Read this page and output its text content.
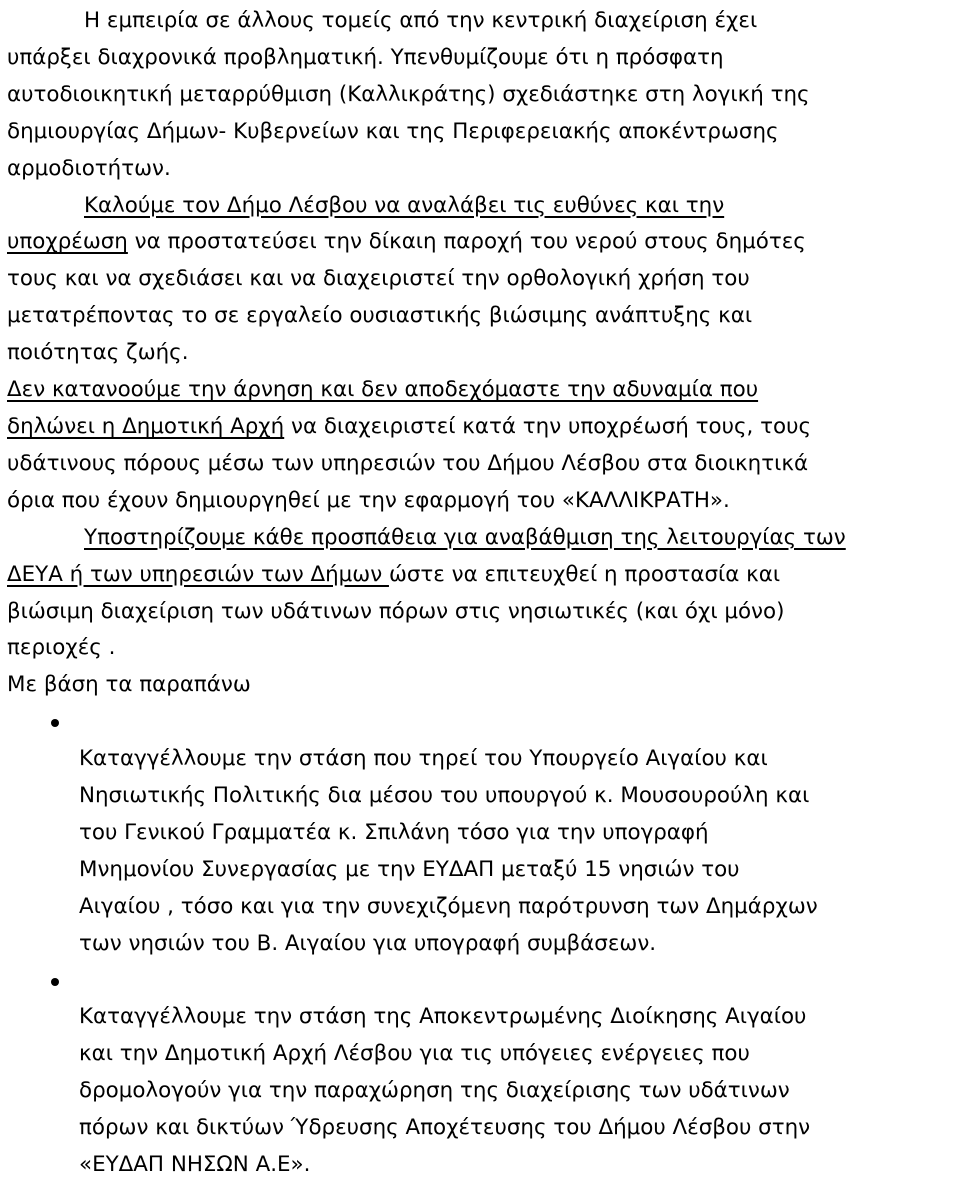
Η εμπειρία σε άλλους τομείς από την κεντρική διαχείριση έχει
υπάρξει διαχρονικά προβληματική. Υπενθυμίζουμε ότι η πρόσφατη
αυτοδιοικητική μεταρρύθμιση (Καλλικράτης) σχεδιάστηκε στη λογική της
δημιουργίας Δήμων- Κυβερνείων και της Περιφερειακής αποκέντρωσης
αρμοδιοτήτων.

Καλούμε τον Δήμο Λέσβου να αναλάβει τις ευθύνες και την
υποχρέωση να προστατεύσει την δίκαιη παροχή του νερού στους δημότες
τους και να σχεδιάσει και να διαχειριστεί την ορθολογική χρήση του
μετατρέποντας το σε εργαλείο ουσιαστικής βιώσιμης ανάπτυξης και
ποιότητας ζωής.

Δεν κατανοούμε την άρνηση και δεν αποδεχόμαστε την αδυναμία που
δηλώνει η Δημοτική Αρχή να διαχειριστεί κατά την υποχρέωσή τους, τους
υδάτινους πόρους μέσω των υπηρεσιών του Δήμου Λέσβου στα διοικητικά
όρια που έχουν δημιουργηθεί με την εφαρμογή του «ΚΑΛΛΙΚΡΑΤΗ».

Υποστηρίζουμε κάθε προσπάθεια για αναβάθμιση της λειτουργίας των
ΔΕΥΑ ή των υπηρεσιών των Δήμων ώστε να επιτευχθεί η προστασία και
βιώσιμη διαχείριση των υδάτινων πόρων στις νησιωτικές (και όχι μόνο)
περιοχές .

Με βάση τα παραπάνω

Καταγγέλλουμε την στάση που τηρεί του Υπουργείο Αιγαίου και
Νησιωτικής Πολιτικής δια μέσου του υπουργού κ. Μουσουρούλη και
του Γενικού Γραμματέα κ. Σπιλάνη τόσο για την υπογραφή
Μνημονίου Συνεργασίας με την ΕΥΔΑΠ μεταξύ 15 νησιών του
Αιγαίου , τόσο και για την συνεχιζόμενη παρότρυνση των Δημάρχων
των νησιών του Β. Αιγαίου για υπογραφή συμβάσεων.

Καταγγέλλουμε την στάση της Αποκεντρωμένης Διοίκησης Αιγαίου
και την Δημοτική Αρχή Λέσβου για τις υπόγειες ενέργειες που
δρομολογούν για την παραχώρηση της διαχείρισης των υδάτινων
πόρων και δικτύων Ύδρευσης Αποχέτευσης του Δήμου Λέσβου στην
«ΕΥΔΑΠ ΝΗΣΩΝ Α.Ε».
